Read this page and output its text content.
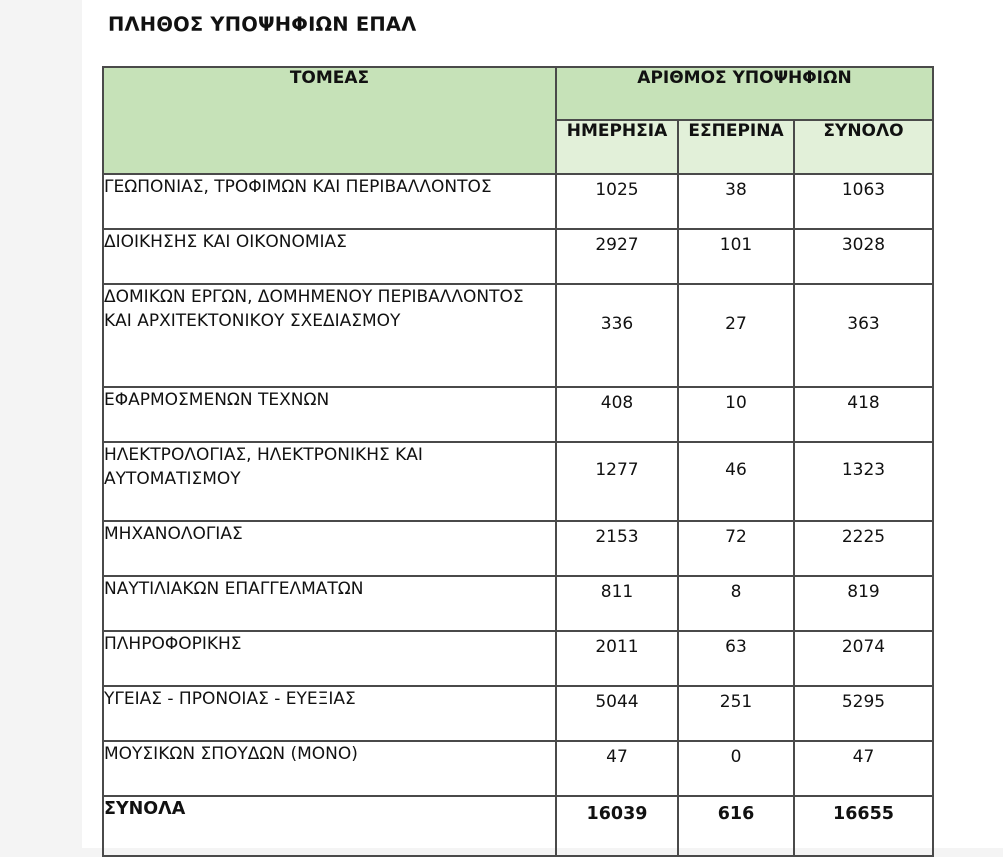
ΠΛΗΘΟΣ ΥΠΟΨΗΦΙΩΝ ΕΠΑΛ
ΤΟΜΕΑΣ	ΑΡΙΘΜΟΣ ΥΠΟΨΗΦΙΩΝ		
	ΗΜΕΡΗΣΙΑ	ΕΣΠΕΡΙΝΑ	ΣΥΝΟΛΟ
ΓΕΩΠΟΝΙΑΣ, ΤΡΟΦΙΜΩΝ ΚΑΙ ΠΕΡΙΒΑΛΛΟΝΤΟΣ	1025	38	1063
ΔΙΟΙΚΗΣΗΣ ΚΑΙ ΟΙΚΟΝΟΜΙΑΣ	2927	101	3028
ΔΟΜΙΚΩΝ ΕΡΓΩΝ, ΔΟΜΗΜΕΝΟΥ ΠΕΡΙΒΑΛΛΟΝΤΟΣ ΚΑΙ ΑΡΧΙΤΕΚΤΟΝΙΚΟΥ ΣΧΕΔΙΑΣΜΟΥ	336	27	363
ΕΦΑΡΜΟΣΜΕΝΩΝ ΤΕΧΝΩΝ	408	10	418
ΗΛΕΚΤΡΟΛΟΓΙΑΣ, ΗΛΕΚΤΡΟΝΙΚΗΣ ΚΑΙ ΑΥΤΟΜΑΤΙΣΜΟΥ	1277	46	1323
ΜΗΧΑΝΟΛΟΓΙΑΣ	2153	72	2225
ΝΑΥΤΙΛΙΑΚΩΝ ΕΠΑΓΓΕΛΜΑΤΩΝ	811	8	819
ΠΛΗΡΟΦΟΡΙΚΗΣ	2011	63	2074
ΥΓΕΙΑΣ - ΠΡΟΝΟΙΑΣ - ΕΥΕΞΙΑΣ	5044	251	5295
ΜΟΥΣΙΚΩΝ ΣΠΟΥΔΩΝ (ΜΟΝΟ)	47	0	47
ΣΥΝΟΛΑ	16039	616	16655
